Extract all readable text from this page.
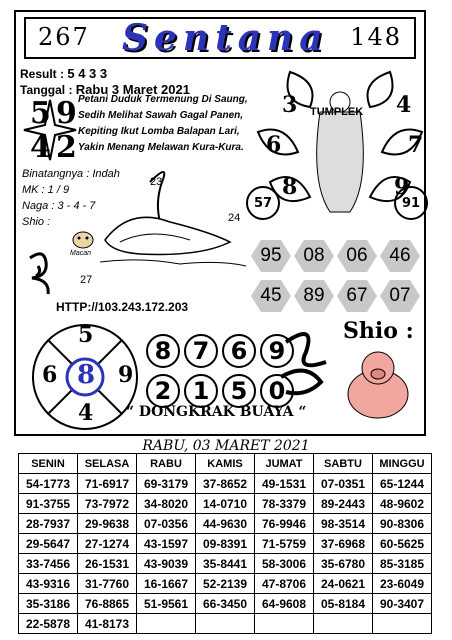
267 Sentana 148
Result : 5 4 3 3
Tanggal : Rabu 3 Maret 2021
5 9
4 2
Petani Duduk Termenung Di Saung,
Sedih Melihat Sawah Gagal Panen,
Kepiting Ikut Lomba Balapan Lari,
Yakin Menang Melawan Kura-Kura.
Binatangnya : Indah
MK : 1 / 9
Naga : 3 - 4 - 7
Shio :
Macan
23
24
27
TUMPLEK
3	4
6	7
8	9
57	91
95 08 06 46
45 89 67 07
HTTP://103.243.172.203
5
6 8 9
4
8 7 6 9
2 1 5 0
Shio :
“ DONGKRAK BUAYA “
RABU, 03 MARET 2021
SENIN	SELASA	RABU	KAMIS	JUMAT	SABTU	MINGGU
54-1773	71-6917	69-3179	37-8652	49-1531	07-0351	65-1244
91-3755	73-7972	34-8020	14-0710	78-3379	89-2443	48-9602
28-7937	29-9638	07-0356	44-9630	76-9946	98-3514	90-8306
29-5647	27-1274	43-1597	09-8391	71-5759	37-6968	60-5625
33-7456	26-1531	43-9039	35-8441	58-3006	35-6780	85-3185
43-9316	31-7760	16-1667	52-2139	47-8706	24-0621	23-6049
35-3186	76-8865	51-9561	66-3450	64-9608	05-8184	90-3407
22-5878	41-8173					
